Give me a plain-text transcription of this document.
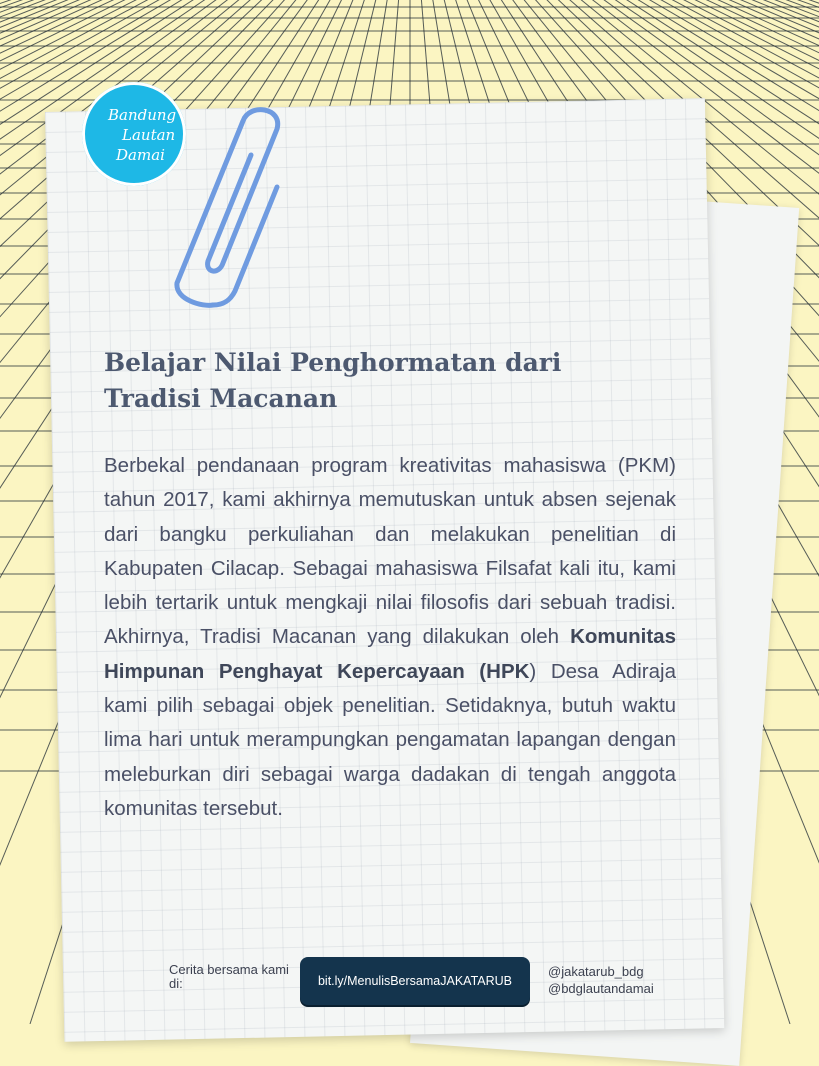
Bandung
Lautan
Damai
Belajar Nilai Penghormatan dari Tradisi Macanan

Berbekal pendanaan program kreativitas mahasiswa (PKM) tahun 2017, kami akhirnya memutuskan untuk absen sejenak dari bangku perkuliahan dan melakukan penelitian di Kabupaten Cilacap. Sebagai mahasiswa Filsafat kali itu, kami lebih tertarik untuk mengkaji nilai filosofis dari sebuah tradisi. Akhirnya, Tradisi Macanan yang dilakukan oleh Komunitas Himpunan Penghayat Kepercayaan (HPK) Desa Adiraja kami pilih sebagai objek penelitian. Setidaknya, butuh waktu lima hari untuk merampungkan pengamatan lapangan dengan meleburkan diri sebagai warga dadakan di tengah anggota komunitas tersebut.

Cerita bersama kami di:	bit.ly/MenulisBersamaJAKATARUB
@jakatarub_bdg
@bdglautandamai
